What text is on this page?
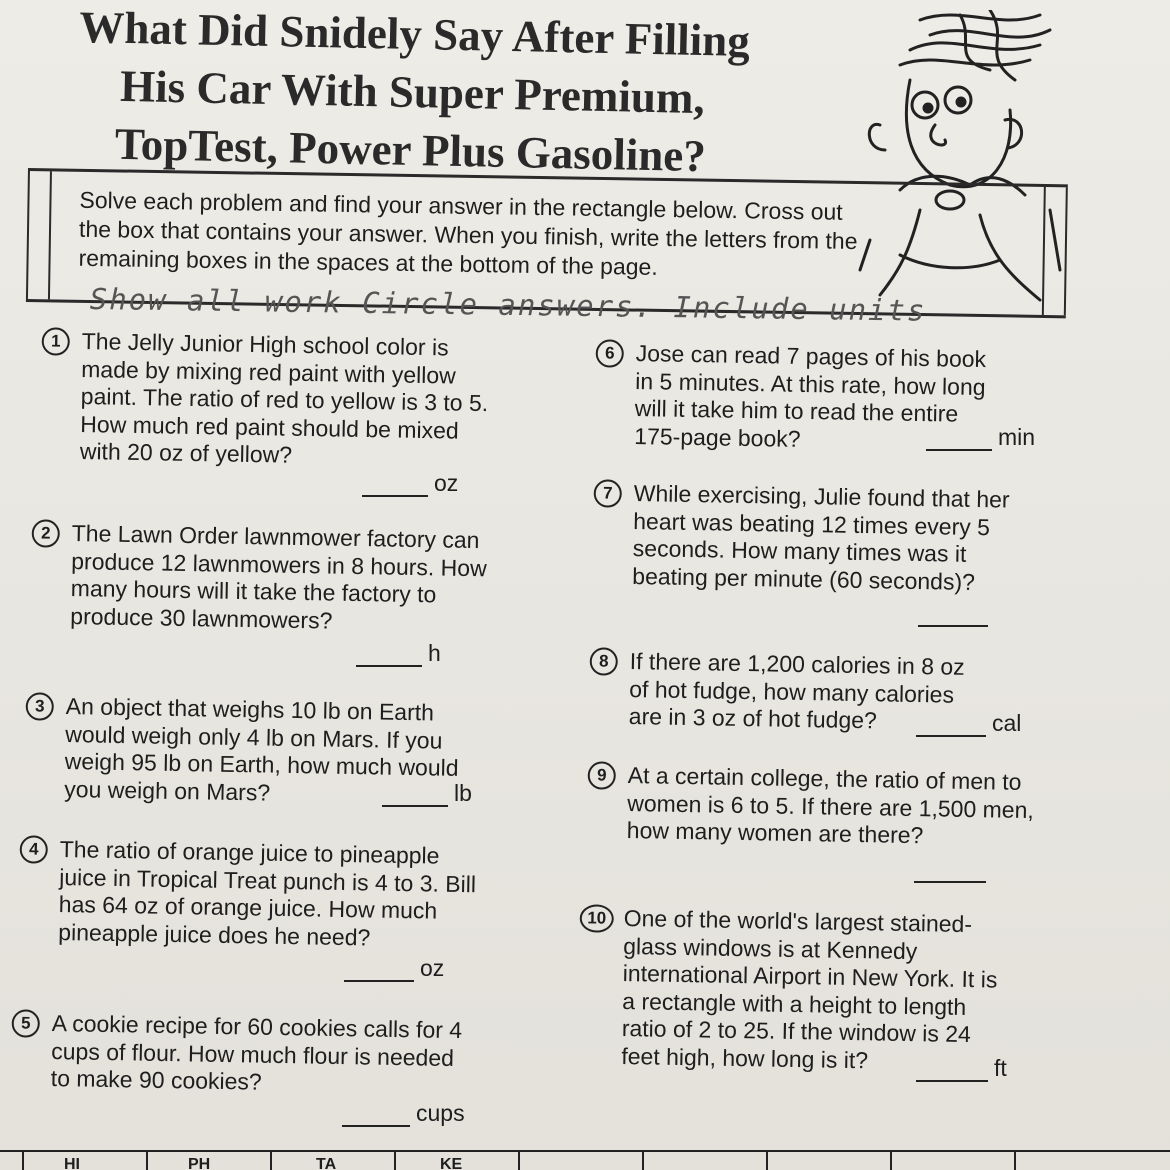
What Did Snidely Say After Filling
His Car With Super Premium,
TopTest, Power Plus Gasoline?
Solve each problem and find your answer in the rectangle below. Cross out the box that contains your answer. When you finish, write the letters from the remaining boxes in the spaces at the bottom of the page.
Show all work Circle answers. Include units
1 The Jelly Junior High school color is made by mixing red paint with yellow paint. The ratio of red to yellow is 3 to 5. How much red paint should be mixed with 20 oz of yellow?
oz
2 The Lawn Order lawnmower factory can produce 12 lawnmowers in 8 hours. How many hours will it take the factory to produce 30 lawnmowers?
h
3 An object that weighs 10 lb on Earth would weigh only 4 lb on Mars. If you weigh 95 lb on Earth, how much would you weigh on Mars?	lb
4 The ratio of orange juice to pineapple juice in Tropical Treat punch is 4 to 3. Bill has 64 oz of orange juice. How much pineapple juice does he need?
oz
5 A cookie recipe for 60 cookies calls for 4 cups of flour. How much flour is needed to make 90 cookies?
cups
6 Jose can read 7 pages of his book in 5 minutes. At this rate, how long will it take him to read the entire 175-page book?	min
7 While exercising, Julie found that her heart was beating 12 times every 5 seconds. How many times was it beating per minute (60 seconds)?
8 If there are 1,200 calories in 8 oz of hot fudge, how many calories are in 3 oz of hot fudge?	cal
9 At a certain college, the ratio of men to women is 6 to 5. If there are 1,500 men, how many women are there?
10 One of the world's largest stained-glass windows is at Kennedy international Airport in New York. It is a rectangle with a height to length ratio of 2 to 25. If the window is 24 feet high, how long is it?	ft
HI	PH	TA	KE
